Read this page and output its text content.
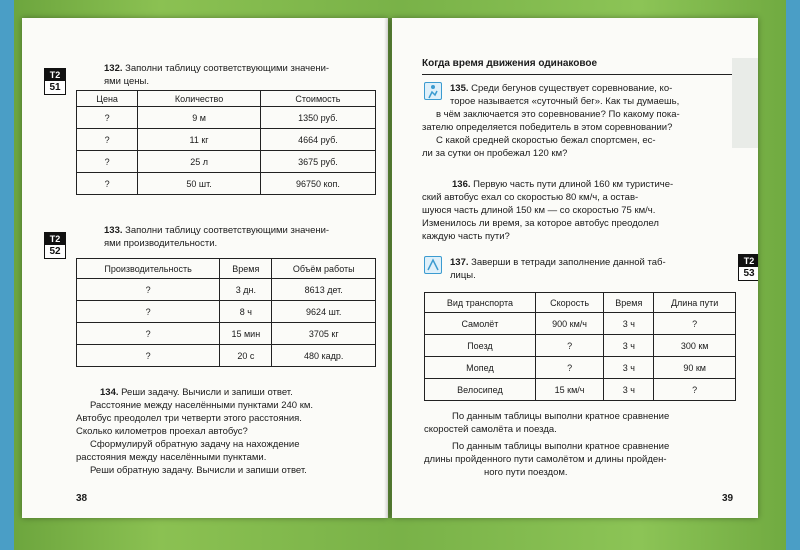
Т2
51
132. Заполни таблицу соответствующими значени-
ями цены.
Цена	Количество	Стоимость
?	9 м	1350 руб.
?	11 кг	4664 руб.
?	25 л	3675 руб.
?	50 шт.	96750 коп.
Т2
52
133. Заполни таблицу соответствующими значени-
ями производительности.
Производительность	Время	Объём работы
?	3 дн.	8613 дет.
?	8 ч	9624 шт.
?	15 мин	3705 кг
?	20 с	480 кадр.
134. Реши задачу. Вычисли и запиши ответ.
Расстояние между населёнными пунктами 240 км.
Автобус преодолел три четверти этого расстояния.
Сколько километров проехал автобус?
Сформулируй обратную задачу на нахождение
расстояния между населёнными пунктами.
Реши обратную задачу. Вычисли и запиши ответ.
38
Когда время движения одинаковое
135. Среди бегунов существует соревнование, ко-
торое называется «суточный бег». Как ты думаешь,
в чём заключается это соревнование? По какому пока-
зателю определяется победитель в этом соревновании?
С какой средней скоростью бежал спортсмен, ес-
ли за сутки он пробежал 120 км?
136. Первую часть пути длиной 160 км туристиче-
ский автобус ехал со скоростью 80 км/ч, а остав-
шуюся часть длиной 150 км — со скоростью 75 км/ч.
Изменилось ли время, за которое автобус преодолел
каждую часть пути?
Т2
53
137. Заверши в тетради заполнение данной таб-
лицы.
Вид транспорта	Скорость	Время	Длина пути
Самолёт	900 км/ч	3 ч	?
Поезд	?	3 ч	300 км
Мопед	?	3 ч	90 км
Велосипед	15 км/ч	3 ч	?
По данным таблицы выполни кратное сравнение
скоростей самолёта и поезда.
По данным таблицы выполни кратное сравнение
длины пройденного пути самолётом и длины пройден-
ного пути поездом.
39
